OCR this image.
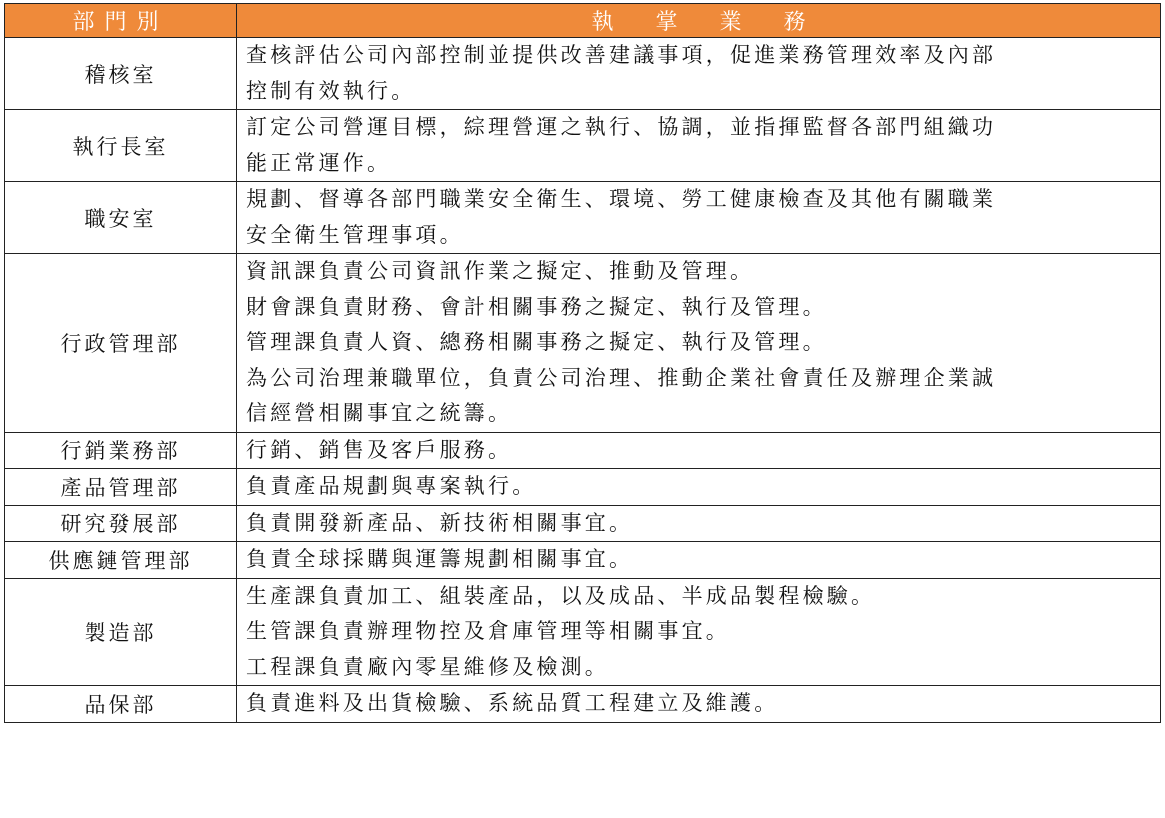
部門別	執掌業務
稽核室	查核評估公司內部控制並提供改善建議事項，促進業務管理效率及內部
控制有效執行。

執行長室	訂定公司營運目標，綜理營運之執行、協調，並指揮監督各部門組織功
能正常運作。

職安室	規劃、督導各部門職業安全衛生、環境、勞工健康檢查及其他有關職業
安全衛生管理事項。

行政管理部	資訊課負責公司資訊作業之擬定、推動及管理。
財會課負責財務、會計相關事務之擬定、執行及管理。
管理課負責人資、總務相關事務之擬定、執行及管理。
為公司治理兼職單位，負責公司治理、推動企業社會責任及辦理企業誠
信經營相關事宜之統籌。

行銷業務部	行銷、銷售及客戶服務。

產品管理部	負責產品規劃與專案執行。

研究發展部	負責開發新產品、新技術相關事宜。

供應鏈管理部	負責全球採購與運籌規劃相關事宜。

製造部	生產課負責加工、組裝產品，以及成品、半成品製程檢驗。
生管課負責辦理物控及倉庫管理等相關事宜。
工程課負責廠內零星維修及檢測。

品保部	負責進料及出貨檢驗、系統品質工程建立及維護。
